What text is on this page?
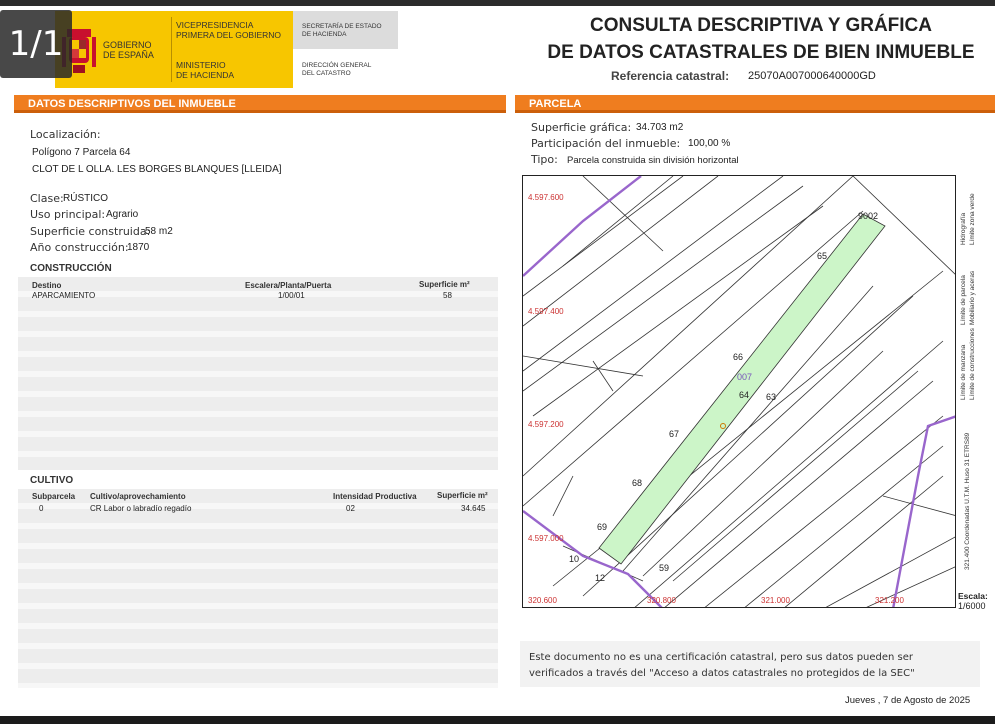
GOBIERNO
DE ESPAÑA
VICEPRESIDENCIA
PRIMERA DEL GOBIERNO
MINISTERIO
DE HACIENDA
SECRETARÍA DE ESTADO
DE HACIENDA
DIRECCIÓN GENERAL
DEL CATASTRO
1/1	CONSULTA DESCRIPTIVA Y GRÁFICA
DE DATOS CATASTRALES DE BIEN INMUEBLE
Referencia catastral: 25070A007000640000GD
DATOS DESCRIPTIVOS DEL INMUEBLE
Localización:
Polígono 7 Parcela 64
CLOT DE L OLLA. LES BORGES BLANQUES [LLEIDA]
Clase: RÚSTICO
Uso principal: Agrario
Superficie construida:
58 m2
Año construcción:
1870
CONSTRUCCIÓN
Destino	Escalera/Planta/Puerta	Superficie m²
APARCAMIENTO	1/00/01	58
CULTIVO
Subparcela Cultivo/aprovechamiento	Intensidad Productiva	Superficie m²
0	CR Labor o labradío regadío	02	34.645
PARCELA
Superficie gráfica: 34.703 m2
Participación del inmueble: 100,00 %
Tipo: Parcela construida sin división horizontal
4.597.600
4.597.400
4.597.200
4.597.000
320.600	320.800	321.000	321.200
9002
65
66
007
64 63
67
68
69
10
12
59
Límite de manzana
Límite de parcela
Hidrografía
Límite de construcciones
Mobiliario y aceras
Límite zona verde
321.400 Coordenadas U.T.M. Huso 31 ETRS89
Escala:
1/6000
Este documento no es una certificación catastral, pero sus datos pueden ser verificados a través del "Acceso a datos catastrales no protegidos de la SEC"
Jueves , 7 de Agosto de 2025
